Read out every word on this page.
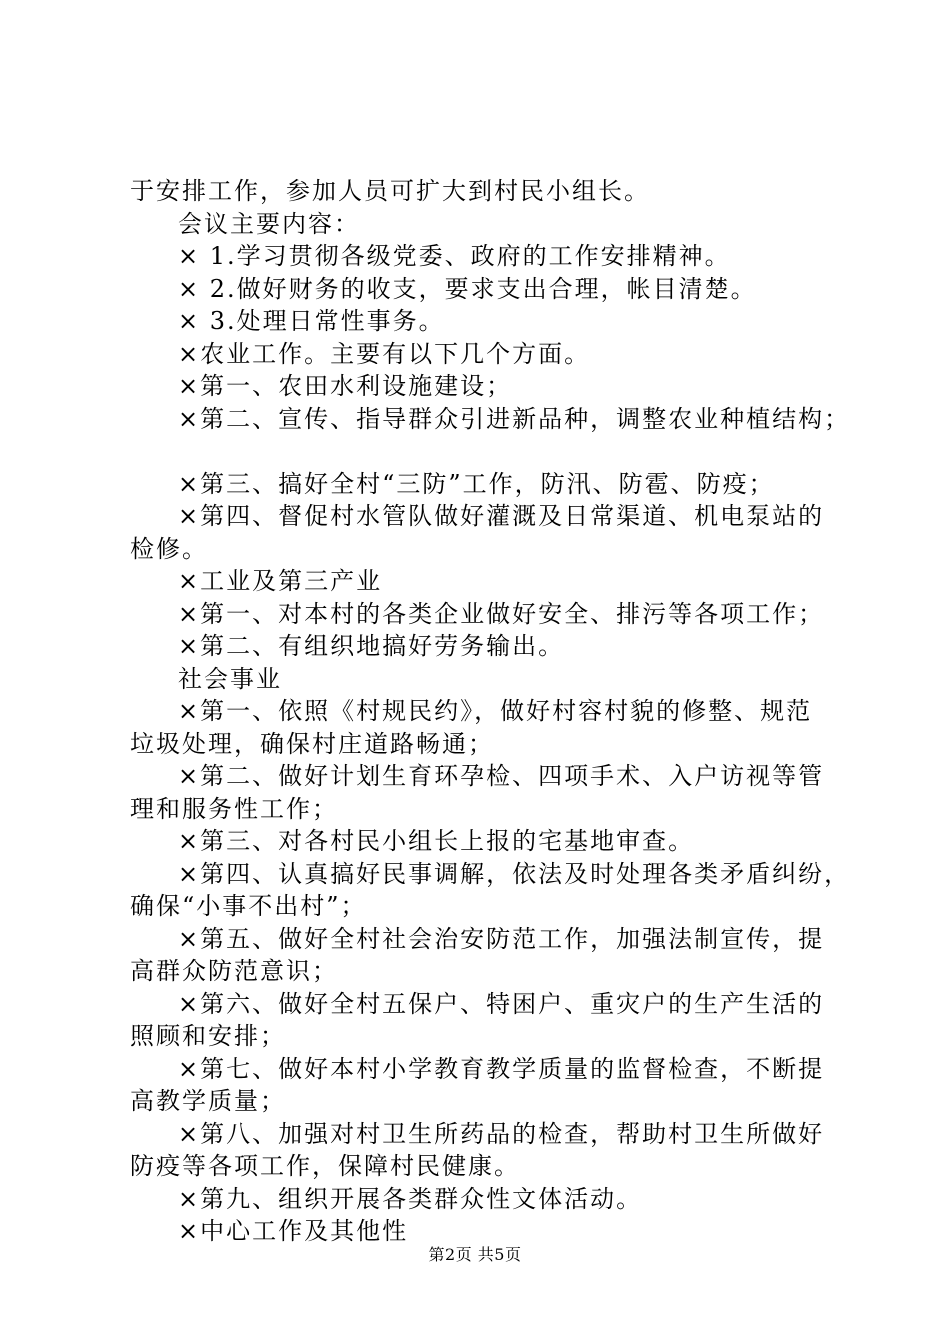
于安排工作，参加人员可扩大到村民小组长。
会议主要内容：
× 1.学习贯彻各级党委、政府的工作安排精神。
× 2.做好财务的收支，要求支出合理，帐目清楚。
× 3.处理日常性事务。
×农业工作。主要有以下几个方面。
×第一、农田水利设施建设；
×第二、宣传、指导群众引进新品种，调整农业种植结构；
×第三、搞好全村“三防”工作，防汛、防雹、防疫；
×第四、督促村水管队做好灌溉及日常渠道、机电泵站的
检修。
×工业及第三产业
×第一、对本村的各类企业做好安全、排污等各项工作；
×第二、有组织地搞好劳务输出。
社会事业
×第一、依照《村规民约》，做好村容村貌的修整、规范
垃圾处理，确保村庄道路畅通；
×第二、做好计划生育环孕检、四项手术、入户访视等管
理和服务性工作；
×第三、对各村民小组长上报的宅基地审查。
×第四、认真搞好民事调解，依法及时处理各类矛盾纠纷，
确保“小事不出村”；
×第五、做好全村社会治安防范工作，加强法制宣传，提
高群众防范意识；
×第六、做好全村五保户、特困户、重灾户的生产生活的
照顾和安排；
×第七、做好本村小学教育教学质量的监督检查，不断提
高教学质量；
×第八、加强对村卫生所药品的检查，帮助村卫生所做好
防疫等各项工作，保障村民健康。
×第九、组织开展各类群众性文体活动。
×中心工作及其他性
第2页 共5页
